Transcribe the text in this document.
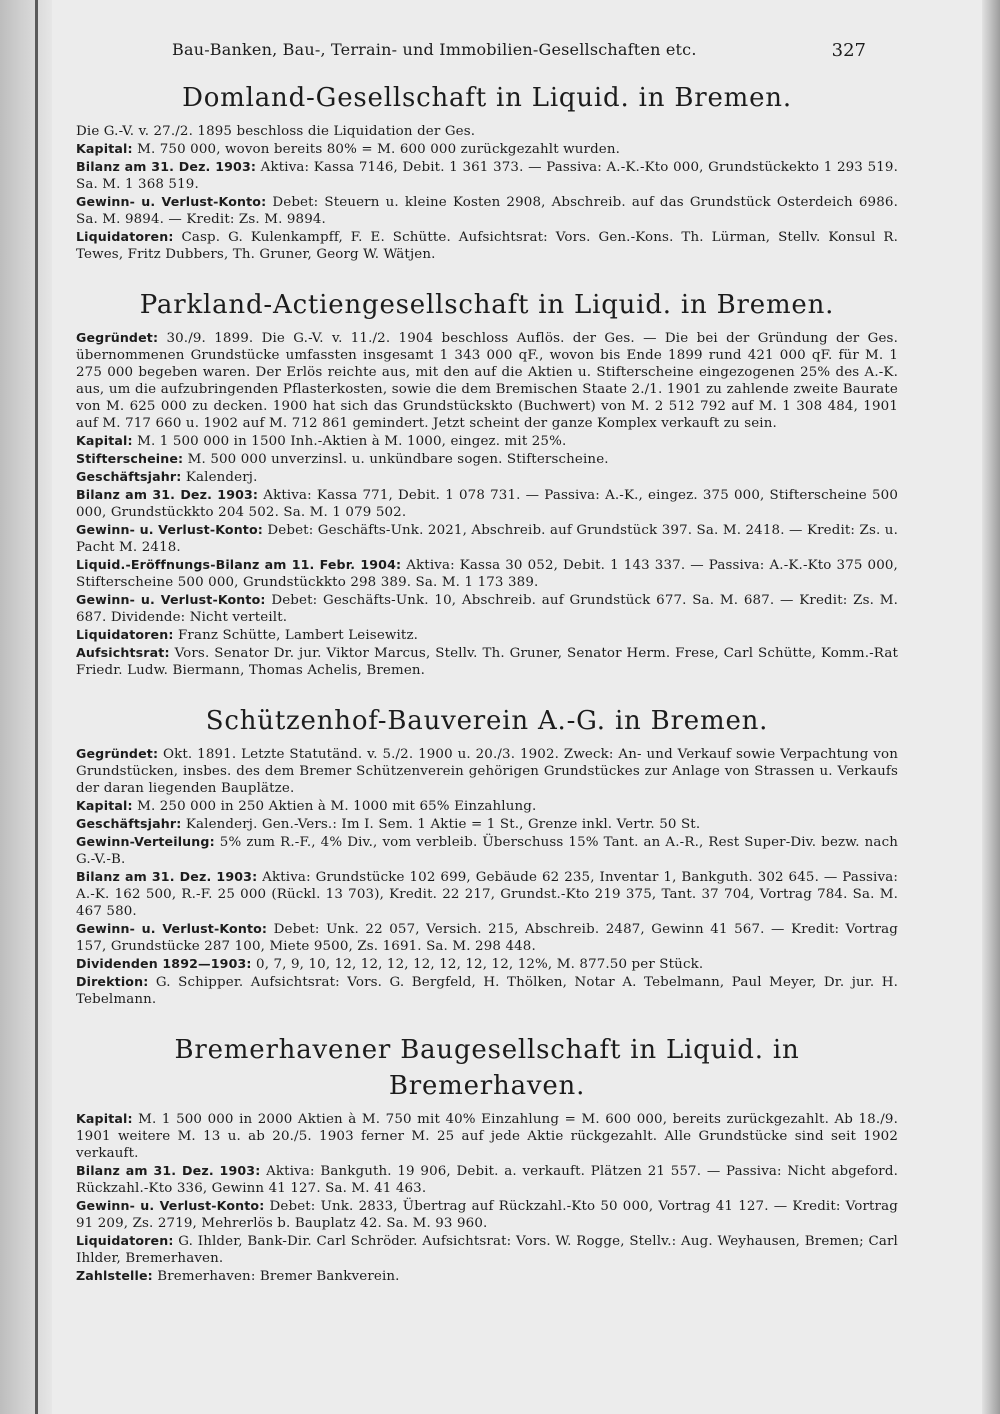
Bau-Banken, Bau-, Terrain- und Immobilien-Gesellschaften etc.	327
Domland-Gesellschaft in Liquid. in Bremen.

Die G.-V. v. 27./2. 1895 beschloss die Liquidation der Ges.

Kapital: M. 750 000, wovon bereits 80% = M. 600 000 zurückgezahlt wurden.

Bilanz am 31. Dez. 1903: Aktiva: Kassa 7146, Debit. 1 361 373. — Passiva: A.-K.-Kto 000, Grundstückekto 1 293 519. Sa. M. 1 368 519.

Gewinn- u. Verlust-Konto: Debet: Steuern u. kleine Kosten 2908, Abschreib. auf das Grundstück Osterdeich 6986. Sa. M. 9894. — Kredit: Zs. M. 9894.

Liquidatoren: Casp. G. Kulenkampff, F. E. Schütte. Aufsichtsrat: Vors. Gen.-Kons. Th. Lürman, Stellv. Konsul R. Tewes, Fritz Dubbers, Th. Gruner, Georg W. Wätjen.

Parkland-Actiengesellschaft in Liquid. in Bremen.

Gegründet: 30./9. 1899. Die G.-V. v. 11./2. 1904 beschloss Auflös. der Ges. — Die bei der Gründung der Ges. übernommenen Grundstücke umfassten insgesamt 1 343 000 qF., wovon bis Ende 1899 rund 421 000 qF. für M. 1 275 000 begeben waren. Der Erlös reichte aus, mit den auf die Aktien u. Stifterscheine eingezogenen 25% des A.-K. aus, um die aufzubringenden Pflasterkosten, sowie die dem Bremischen Staate 2./1. 1901 zu zahlende zweite Baurate von M. 625 000 zu decken. 1900 hat sich das Grundstückskto (Buchwert) von M. 2 512 792 auf M. 1 308 484, 1901 auf M. 717 660 u. 1902 auf M. 712 861 gemindert. Jetzt scheint der ganze Komplex verkauft zu sein.

Kapital: M. 1 500 000 in 1500 Inh.-Aktien à M. 1000, eingez. mit 25%.

Stifterscheine: M. 500 000 unverzinsl. u. unkündbare sogen. Stifterscheine.

Geschäftsjahr: Kalenderj.

Bilanz am 31. Dez. 1903: Aktiva: Kassa 771, Debit. 1 078 731. — Passiva: A.-K., eingez. 375 000, Stifterscheine 500 000, Grundstückkto 204 502. Sa. M. 1 079 502.

Gewinn- u. Verlust-Konto: Debet: Geschäfts-Unk. 2021, Abschreib. auf Grundstück 397. Sa. M. 2418. — Kredit: Zs. u. Pacht M. 2418.

Liquid.-Eröffnungs-Bilanz am 11. Febr. 1904: Aktiva: Kassa 30 052, Debit. 1 143 337. — Passiva: A.-K.-Kto 375 000, Stifterscheine 500 000, Grundstückkto 298 389. Sa. M. 1 173 389.

Gewinn- u. Verlust-Konto: Debet: Geschäfts-Unk. 10, Abschreib. auf Grundstück 677. Sa. M. 687. — Kredit: Zs. M. 687. Dividende: Nicht verteilt.

Liquidatoren: Franz Schütte, Lambert Leisewitz.

Aufsichtsrat: Vors. Senator Dr. jur. Viktor Marcus, Stellv. Th. Gruner, Senator Herm. Frese, Carl Schütte, Komm.-Rat Friedr. Ludw. Biermann, Thomas Achelis, Bremen.

Schützenhof-Bauverein A.-G. in Bremen.

Gegründet: Okt. 1891. Letzte Statutänd. v. 5./2. 1900 u. 20./3. 1902. Zweck: An- und Verkauf sowie Verpachtung von Grundstücken, insbes. des dem Bremer Schützenverein gehörigen Grundstückes zur Anlage von Strassen u. Verkaufs der daran liegenden Bauplätze.

Kapital: M. 250 000 in 250 Aktien à M. 1000 mit 65% Einzahlung.

Geschäftsjahr: Kalenderj. Gen.-Vers.: Im I. Sem. 1 Aktie = 1 St., Grenze inkl. Vertr. 50 St.

Gewinn-Verteilung: 5% zum R.-F., 4% Div., vom verbleib. Überschuss 15% Tant. an A.-R., Rest Super-Div. bezw. nach G.-V.-B.

Bilanz am 31. Dez. 1903: Aktiva: Grundstücke 102 699, Gebäude 62 235, Inventar 1, Bankguth. 302 645. — Passiva: A.-K. 162 500, R.-F. 25 000 (Rückl. 13 703), Kredit. 22 217, Grundst.-Kto 219 375, Tant. 37 704, Vortrag 784. Sa. M. 467 580.

Gewinn- u. Verlust-Konto: Debet: Unk. 22 057, Versich. 215, Abschreib. 2487, Gewinn 41 567. — Kredit: Vortrag 157, Grundstücke 287 100, Miete 9500, Zs. 1691. Sa. M. 298 448.

Dividenden 1892—1903: 0, 7, 9, 10, 12, 12, 12, 12, 12, 12, 12, 12%, M. 877.50 per Stück.

Direktion: G. Schipper. Aufsichtsrat: Vors. G. Bergfeld, H. Thölken, Notar A. Tebelmann, Paul Meyer, Dr. jur. H. Tebelmann.

Bremerhavener Baugesellschaft in Liquid. in Bremerhaven.

Kapital: M. 1 500 000 in 2000 Aktien à M. 750 mit 40% Einzahlung = M. 600 000, bereits zurückgezahlt. Ab 18./9. 1901 weitere M. 13 u. ab 20./5. 1903 ferner M. 25 auf jede Aktie rückgezahlt. Alle Grundstücke sind seit 1902 verkauft.

Bilanz am 31. Dez. 1903: Aktiva: Bankguth. 19 906, Debit. a. verkauft. Plätzen 21 557. — Passiva: Nicht abgeford. Rückzahl.-Kto 336, Gewinn 41 127. Sa. M. 41 463.

Gewinn- u. Verlust-Konto: Debet: Unk. 2833, Übertrag auf Rückzahl.-Kto 50 000, Vortrag 41 127. — Kredit: Vortrag 91 209, Zs. 2719, Mehrerlös b. Bauplatz 42. Sa. M. 93 960.

Liquidatoren: G. Ihlder, Bank-Dir. Carl Schröder. Aufsichtsrat: Vors. W. Rogge, Stellv.: Aug. Weyhausen, Bremen; Carl Ihlder, Bremerhaven.

Zahlstelle: Bremerhaven: Bremer Bankverein.
